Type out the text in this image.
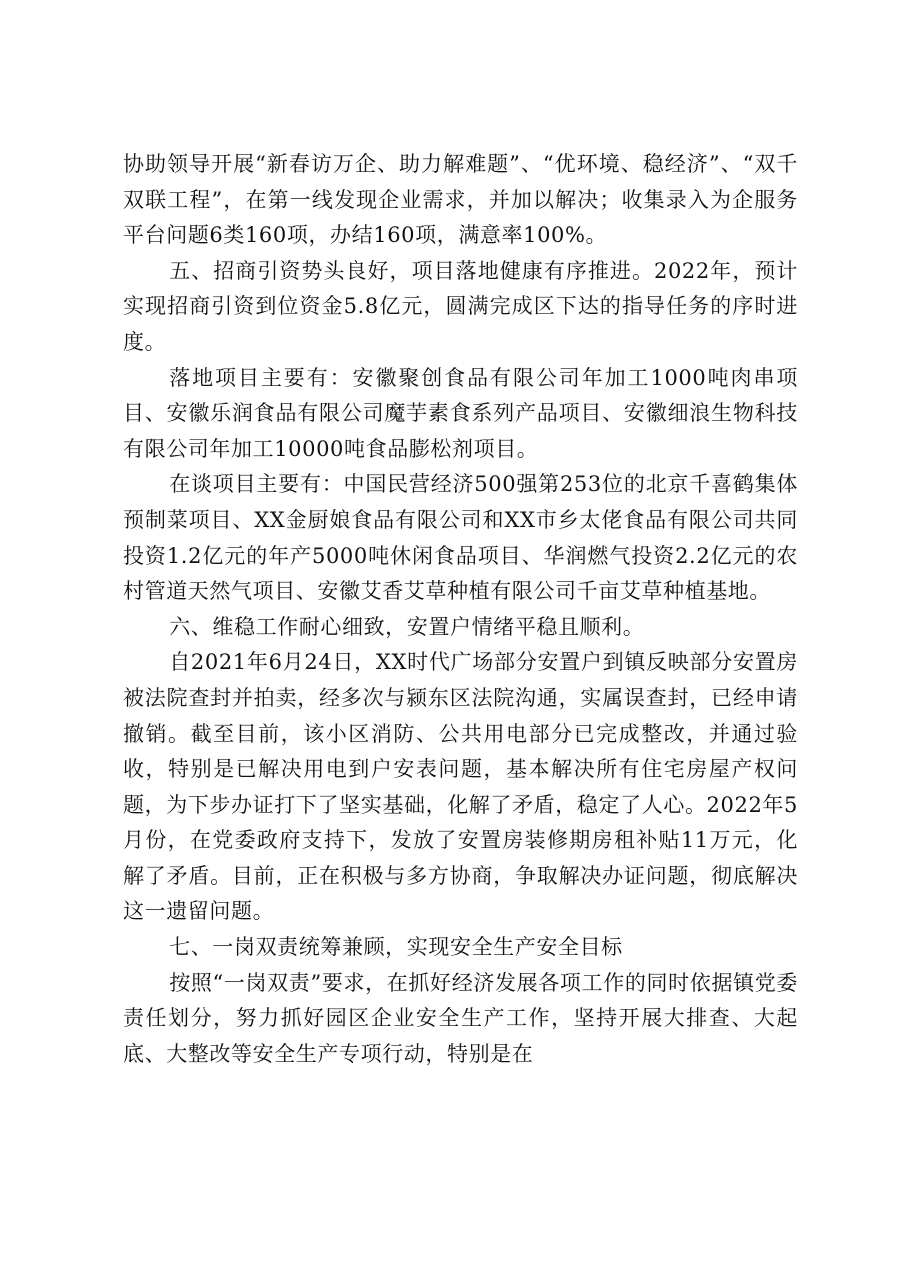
协助领导开展“新春访万企、助力解难题”、“优环境、稳经济”、“双千双联工程”，在第一线发现企业需求，并加以解决；收集录入为企服务平台问题6类160项，办结160项，满意率100%。

五、招商引资势头良好，项目落地健康有序推进。2022年，预计实现招商引资到位资金5.8亿元，圆满完成区下达的指导任务的序时进度。

落地项目主要有：安徽聚创食品有限公司年加工1000吨肉串项目、安徽乐润食品有限公司魔芋素食系列产品项目、安徽细浪生物科技有限公司年加工10000吨食品膨松剂项目。

在谈项目主要有：中国民营经济500强第253位的北京千喜鹤集体预制菜项目、XX金厨娘食品有限公司和XX市乡太佬食品有限公司共同投资1.2亿元的年产5000吨休闲食品项目、华润燃气投资2.2亿元的农村管道天然气项目、安徽艾香艾草种植有限公司千亩艾草种植基地。

六、维稳工作耐心细致，安置户情绪平稳且顺利。

自2021年6月24日，XX时代广场部分安置户到镇反映部分安置房被法院查封并拍卖，经多次与颍东区法院沟通，实属误查封，已经申请撤销。截至目前，该小区消防、公共用电部分已完成整改，并通过验收，特别是已解决用电到户安表问题，基本解决所有住宅房屋产权问题，为下步办证打下了坚实基础，化解了矛盾，稳定了人心。2022年5月份，在党委政府支持下，发放了安置房装修期房租补贴11万元，化解了矛盾。目前，正在积极与多方协商，争取解决办证问题，彻底解决这一遗留问题。

七、一岗双责统筹兼顾，实现安全生产安全目标

按照“一岗双责”要求，在抓好经济发展各项工作的同时依据镇党委责任划分，努力抓好园区企业安全生产工作，坚持开展大排查、大起底、大整改等安全生产专项行动，特别是在
